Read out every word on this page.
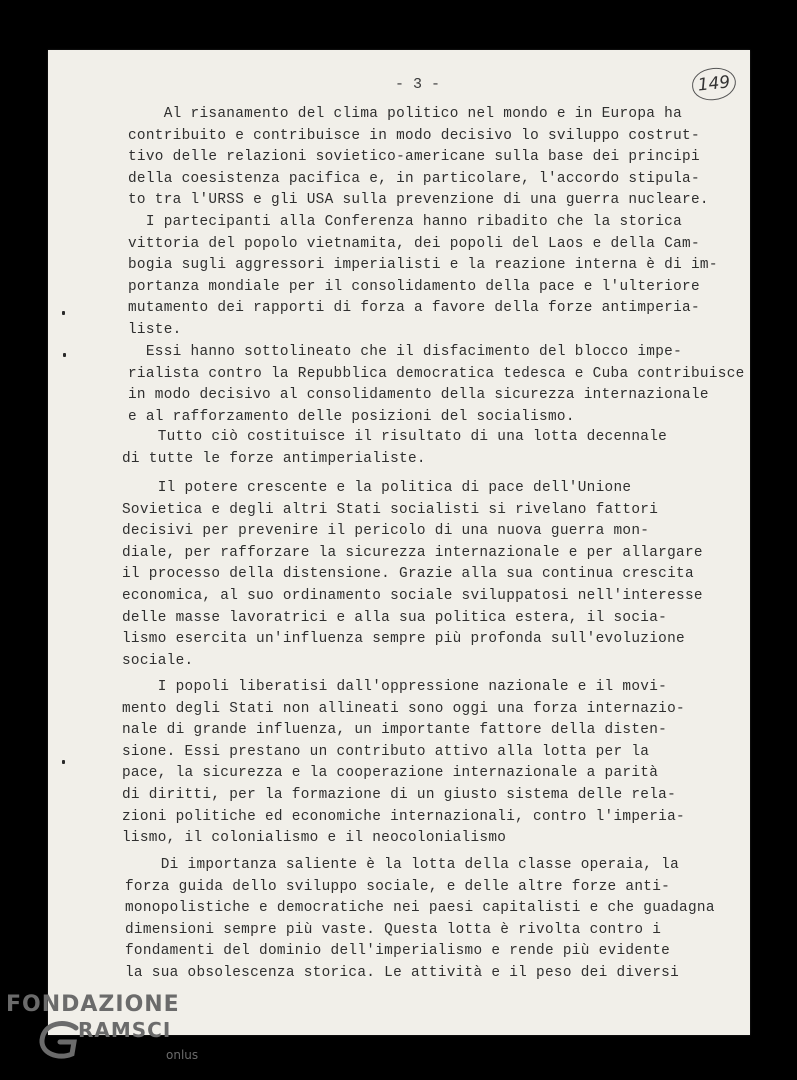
- 3 -	149

Al risanamento del clima politico nel mondo e in Europa ha
contribuito e contribuisce in modo decisivo lo sviluppo costrut-
tivo delle relazioni sovietico-americane sulla base dei principi
della coesistenza pacifica e, in particolare, l'accordo stipula-
to tra l'URSS e gli USA sulla prevenzione di una guerra nucleare.

I partecipanti alla Conferenza hanno ribadito che la storica
vittoria del popolo vietnamita, dei popoli del Laos e della Cam-
bogia sugli aggressori imperialisti e la reazione interna è di im-
portanza mondiale per il consolidamento della pace e l'ulteriore
mutamento dei rapporti di forza a favore della forze antimperia-
liste.

Essi hanno sottolineato che il disfacimento del blocco impe-
rialista contro la Repubblica democratica tedesca e Cuba contribuisce
in modo decisivo al consolidamento della sicurezza internazionale
e al rafforzamento delle posizioni del socialismo.

Tutto ciò costituisce il risultato di una lotta decennale
di tutte le forze antimperialiste.

Il potere crescente e la politica di pace dell'Unione
Sovietica e degli altri Stati socialisti si rivelano fattori
decisivi per prevenire il pericolo di una nuova guerra mon-
diale, per rafforzare la sicurezza internazionale e per allargare
il processo della distensione. Grazie alla sua continua crescita
economica, al suo ordinamento sociale sviluppatosi nell'interesse
delle masse lavoratrici e alla sua politica estera, il socia-
lismo esercita un'influenza sempre più profonda sull'evoluzione
sociale.

I popoli liberatisi dall'oppressione nazionale e il movi-
mento degli Stati non allineati sono oggi una forza internazio-
nale di grande influenza, un importante fattore della disten-
sione. Essi prestano un contributo attivo alla lotta per la
pace, la sicurezza e la cooperazione internazionale a parità
di diritti, per la formazione di un giusto sistema delle rela-
zioni politiche ed economiche internazionali, contro l'imperia-
lismo, il colonialismo e il neocolonialismo

Di importanza saliente è la lotta della classe operaia, la
forza guida dello sviluppo sociale, e delle altre forze anti-
monopolistiche e democratiche nei paesi capitalisti e che guadagna
dimensioni sempre più vaste. Questa lotta è rivolta contro i
fondamenti del dominio dell'imperialismo e rende più evidente
la sua obsolescenza storica. Le attività e il peso dei diversi

FONDAZIONE
RAMSCI
onlus
